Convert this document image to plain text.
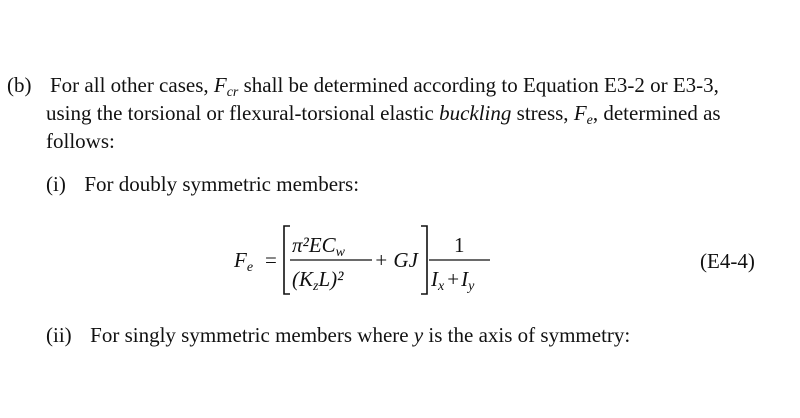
(b) For all other cases, $F_{cr}$ shall be determined according to Equation E3-2 or E3-3,
using the torsional or flexural-torsional elastic buckling stress, $F_e$, determined as
follows:
(i) For doubly symmetric members:
Fe =
π²ECw
(KzL)²
+ GJ
1
Ix +Iy
(E4-4)
(ii) For singly symmetric members where y is the axis of symmetry:
